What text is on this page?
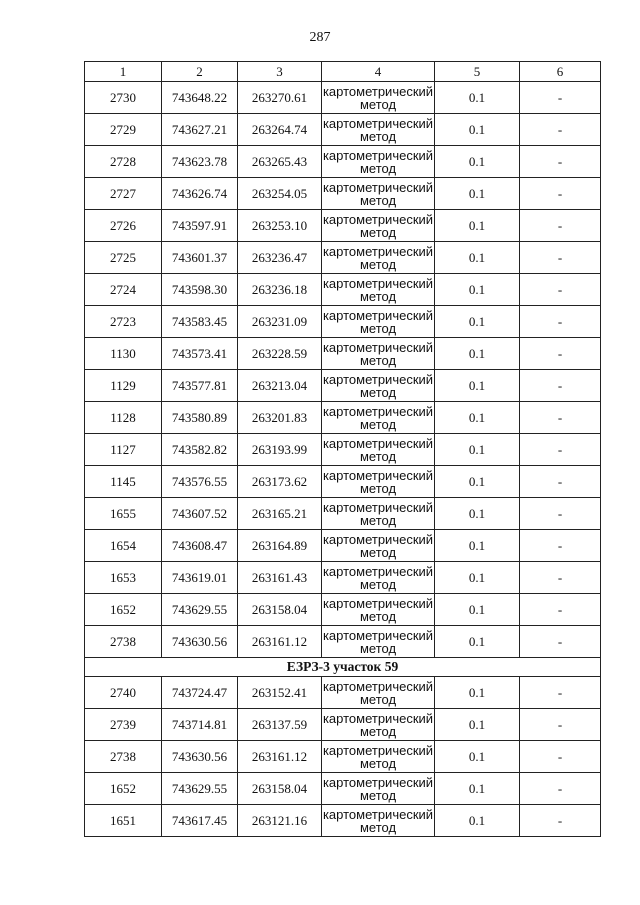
287
1	2	3	4	5	6
2730	743648.22	263270.61	картометрический метод	0.1	-
2729	743627.21	263264.74	картометрический метод	0.1	-
2728	743623.78	263265.43	картометрический метод	0.1	-
2727	743626.74	263254.05	картометрический метод	0.1	-
2726	743597.91	263253.10	картометрический метод	0.1	-
2725	743601.37	263236.47	картометрический метод	0.1	-
2724	743598.30	263236.18	картометрический метод	0.1	-
2723	743583.45	263231.09	картометрический метод	0.1	-
1130	743573.41	263228.59	картометрический метод	0.1	-
1129	743577.81	263213.04	картометрический метод	0.1	-
1128	743580.89	263201.83	картометрический метод	0.1	-
1127	743582.82	263193.99	картометрический метод	0.1	-
1145	743576.55	263173.62	картометрический метод	0.1	-
1655	743607.52	263165.21	картометрический метод	0.1	-
1654	743608.47	263164.89	картометрический метод	0.1	-
1653	743619.01	263161.43	картометрический метод	0.1	-
1652	743629.55	263158.04	картометрический метод	0.1	-
2738	743630.56	263161.12	картометрический метод	0.1	-
ЕЗРЗ-3 участок 59					
2740	743724.47	263152.41	картометрический метод	0.1	-
2739	743714.81	263137.59	картометрический метод	0.1	-
2738	743630.56	263161.12	картометрический метод	0.1	-
1652	743629.55	263158.04	картометрический метод	0.1	-
1651	743617.45	263121.16	картометрический метод	0.1	-
